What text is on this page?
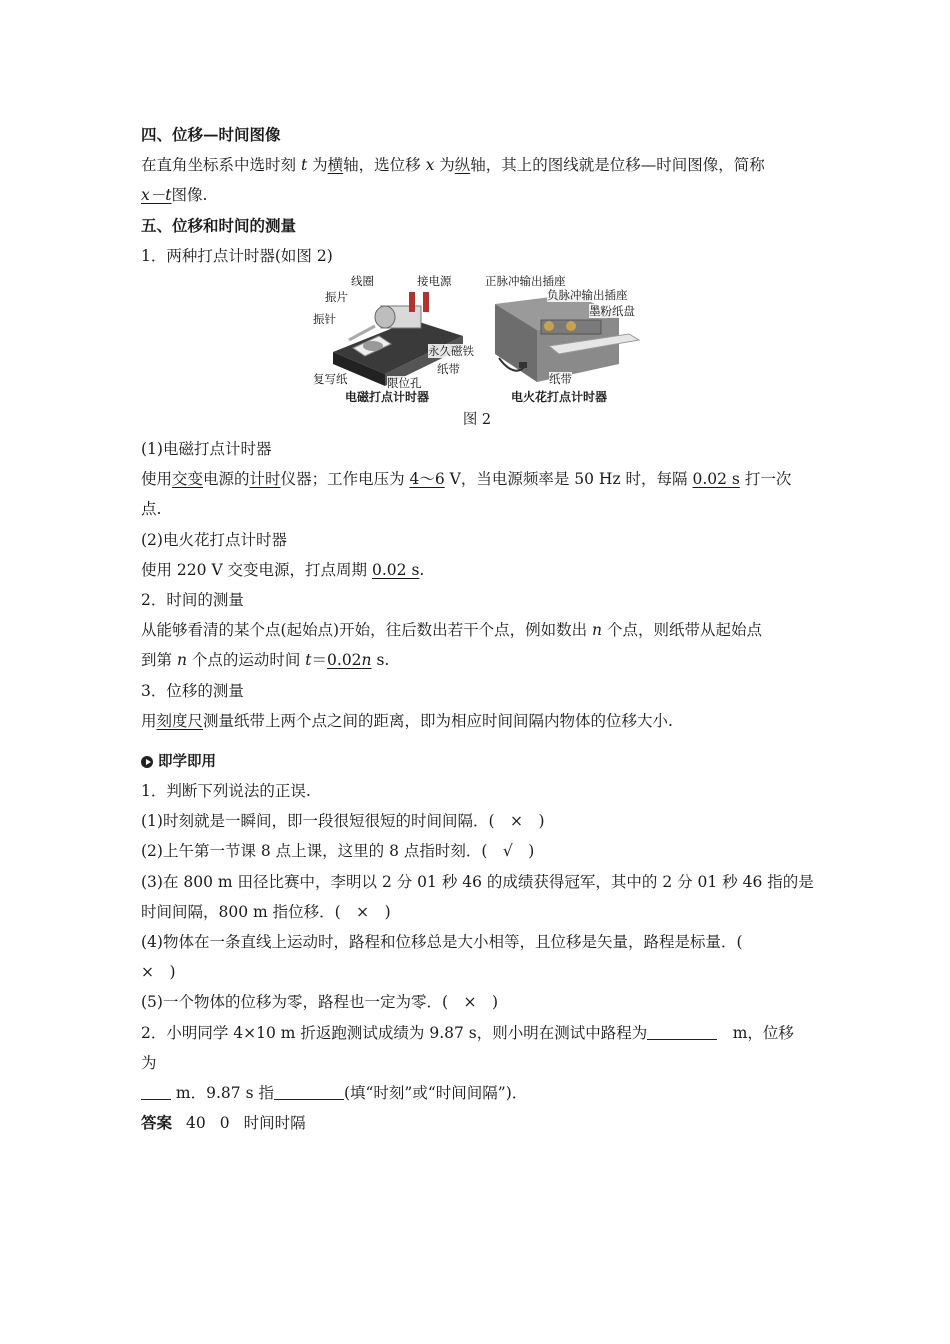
四、位移—时间图像
在直角坐标系中选时刻 t 为横轴，选位移 x 为纵轴，其上的图线就是位移—时间图像，简称
x－t图像.
五、位移和时间的测量
1．两种打点计时器(如图 2)
线圈	接电源
振片
振针
永久磁铁
纸带
复写纸	限位孔
电磁打点计时器
正脉冲输出插座
负脉冲输出插座
墨粉纸盘
纸带
电火花打点计时器
图 2
(1)电磁打点计时器
使用交变电源的计时仪器；工作电压为 4～6 V，当电源频率是 50 Hz 时，每隔 0.02 s 打一次
点.
(2)电火花打点计时器
使用 220 V 交变电源，打点周期 0.02 s.
2．时间的测量
从能够看清的某个点(起始点)开始，往后数出若干个点，例如数出 n 个点，则纸带从起始点
到第 n 个点的运动时间 t＝0.02n s.
3．位移的测量
用刻度尺测量纸带上两个点之间的距离，即为相应时间间隔内物体的位移大小.
即学即用
1．判断下列说法的正误.
(1)时刻就是一瞬间，即一段很短很短的时间间隔．(　×　)
(2)上午第一节课 8 点上课，这里的 8 点指时刻．(　√　)
(3)在 800 m 田径比赛中，李明以 2 分 01 秒 46 的成绩获得冠军，其中的 2 分 01 秒 46 指的是
时间间隔，800 m 指位移．(　×　)
(4)物体在一条直线上运动时，路程和位移总是大小相等，且位移是矢量，路程是标量．(
×　)
(5)一个物体的位移为零，路程也一定为零．(　×　)
2．小明同学 4×10 m 折返跑测试成绩为 9.87 s，则小明在测试中路程为	　m，位移
为
m．9.87 s 指	(填“时刻”或“时间间隔”)．
答案 40 0 时间时隔
